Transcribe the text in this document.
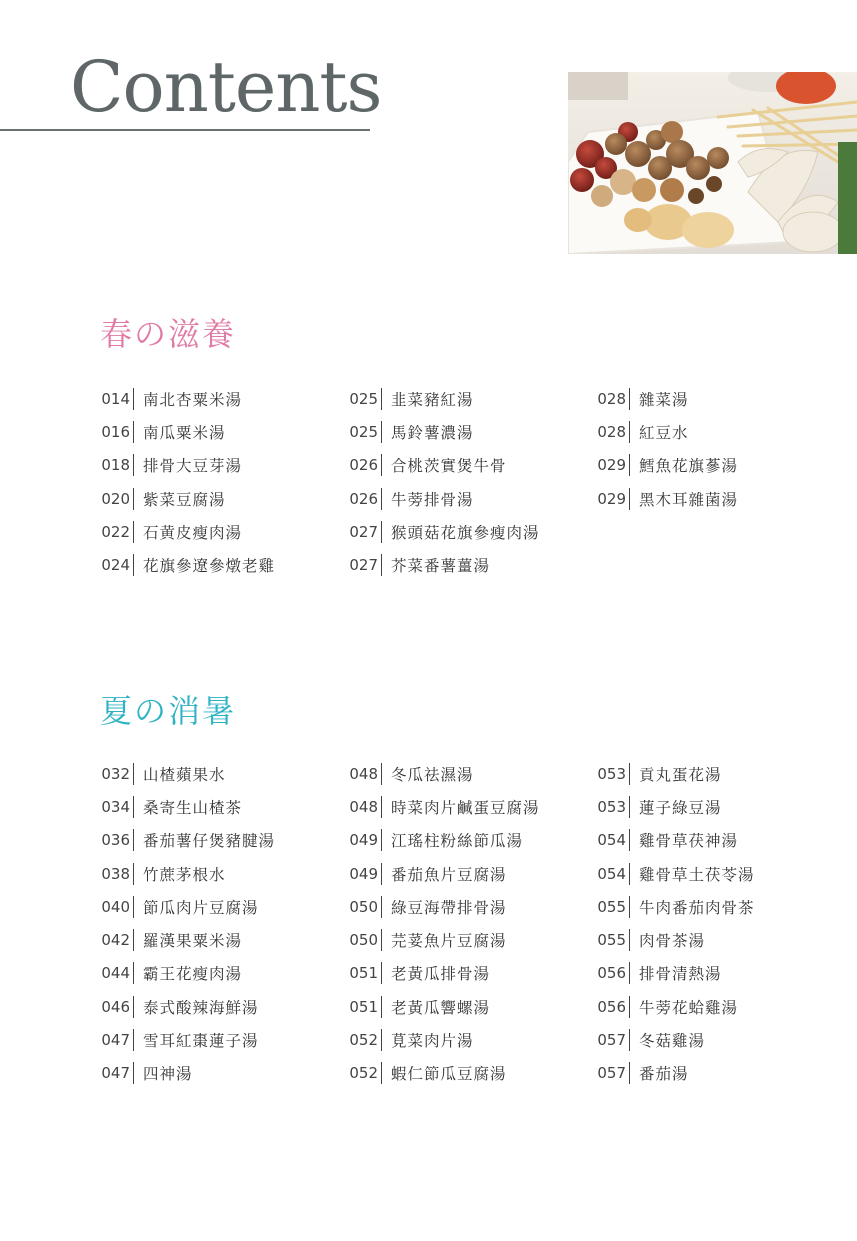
Contents
春の滋養
014 南北杏粟米湯
016 南瓜粟米湯
018 排骨大豆芽湯
020 紫菜豆腐湯
022 石黄皮瘦肉湯
024 花旗參遼參燉老雞
025 韭菜豬紅湯
025 馬鈴薯濃湯
026 合桃茨實煲牛骨
026 牛蒡排骨湯
027 猴頭菇花旗參瘦肉湯
027 芥菜番薯薑湯
028 雜菜湯
028 紅豆水
029 鱈魚花旗蔘湯
029 黑木耳雜菌湯
夏の消暑
032 山楂蘋果水
034 桑寄生山楂茶
036 番茄薯仔煲豬腱湯
038 竹蔗茅根水
040 節瓜肉片豆腐湯
042 羅漢果粟米湯
044 霸王花瘦肉湯
046 泰式酸辣海鮮湯
047 雪耳紅棗蓮子湯
047 四神湯
048 冬瓜祛濕湯
048 時菜肉片鹹蛋豆腐湯
049 江瑤柱粉絲節瓜湯
049 番茄魚片豆腐湯
050 綠豆海帶排骨湯
050 芫荽魚片豆腐湯
051 老黃瓜排骨湯
051 老黃瓜響螺湯
052 莧菜肉片湯
052 蝦仁節瓜豆腐湯
053 貢丸蛋花湯
053 蓮子綠豆湯
054 雞骨草茯神湯
054 雞骨草土茯苓湯
055 牛肉番茄肉骨茶
055 肉骨茶湯
056 排骨清熱湯
056 牛蒡花蛤雞湯
057 冬菇雞湯
057 番茄湯
